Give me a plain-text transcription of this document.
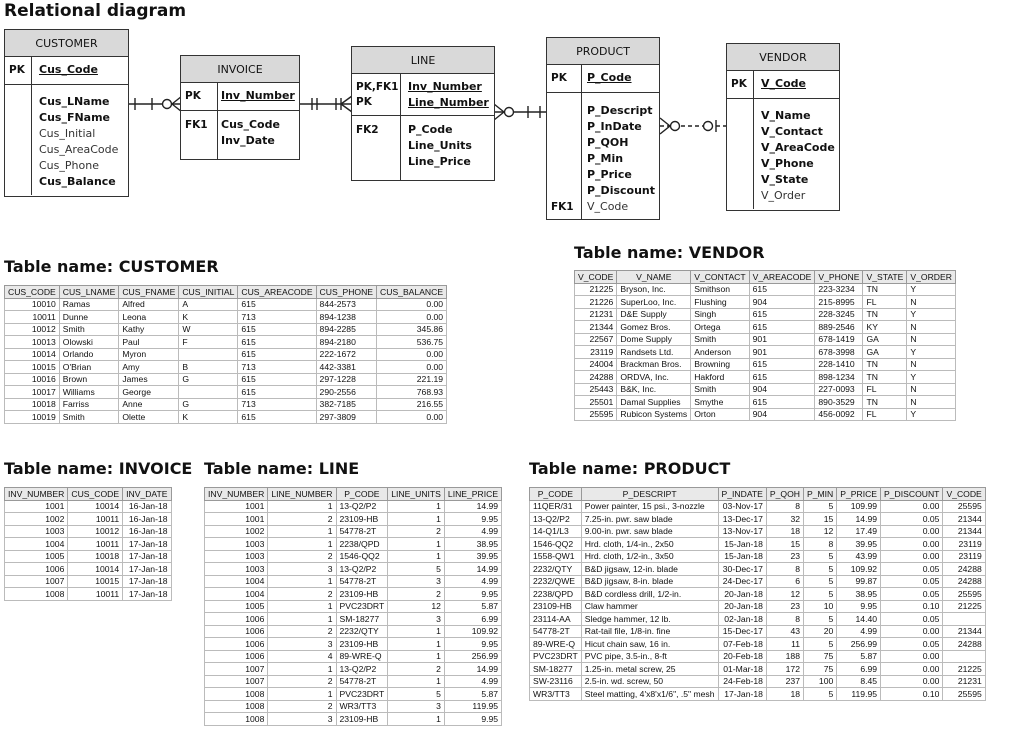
Relational diagram
CUSTOMER
PK Cus_Code
Cus_LName
Cus_FName
Cus_Initial
Cus_AreaCode
Cus_Phone
Cus_Balance
INVOICE
PK Inv_Number
FK1 Cus_Code
Inv_Date
LINE
PK,FK1
PK
Inv_Number
Line_Number
FK2	P_Code
Line_Units
Line_Price
PRODUCT
PK P_Code
FK1
P_Descript
P_InDate
P_QOH
P_Min
P_Price
P_Discount
V_Code
VENDOR
PK V_Code
V_Name
V_Contact
V_AreaCode
V_Phone
V_State
V_Order
Table name: CUSTOMER
Table name: VENDOR
Table name: INVOICE Table name: LINE	Table name: PRODUCT
CUS_CODE	CUS_LNAME	CUS_FNAME	CUS_INITIAL	CUS_AREACODE	CUS_PHONE	CUS_BALANCE
10010	Ramas	Alfred	A	615	844-2573	0.00
10011	Dunne	Leona	K	713	894-1238	0.00
10012	Smith	Kathy	W	615	894-2285	345.86
10013	Olowski	Paul	F	615	894-2180	536.75
10014	Orlando	Myron		615	222-1672	0.00
10015	O'Brian	Amy	B	713	442-3381	0.00
10016	Brown	James	G	615	297-1228	221.19
10017	Williams	George		615	290-2556	768.93
10018	Farriss	Anne	G	713	382-7185	216.55
10019	Smith	Olette	K	615	297-3809	0.00
V_CODE	V_NAME	V_CONTACT	V_AREACODE	V_PHONE	V_STATE	V_ORDER
21225	Bryson, Inc.	Smithson	615	223-3234	TN	Y
21226	SuperLoo, Inc.	Flushing	904	215-8995	FL	N
21231	D&E Supply	Singh	615	228-3245	TN	Y
21344	Gomez Bros.	Ortega	615	889-2546	KY	N
22567	Dome Supply	Smith	901	678-1419	GA	N
23119	Randsets Ltd.	Anderson	901	678-3998	GA	Y
24004	Brackman Bros.	Browning	615	228-1410	TN	N
24288	ORDVA, Inc.	Hakford	615	898-1234	TN	Y
25443	B&K, Inc.	Smith	904	227-0093	FL	N
25501	Damal Supplies	Smythe	615	890-3529	TN	N
25595	Rubicon Systems	Orton	904	456-0092	FL	Y
INV_NUMBER	CUS_CODE	INV_DATE
1001	10014	16-Jan-18
1002	10011	16-Jan-18
1003	10012	16-Jan-18
1004	10011	17-Jan-18
1005	10018	17-Jan-18
1006	10014	17-Jan-18
1007	10015	17-Jan-18
1008	10011	17-Jan-18
INV_NUMBER	LINE_NUMBER	P_CODE	LINE_UNITS	LINE_PRICE
1001	1	13-Q2/P2	1	14.99
1001	2	23109-HB	1	9.95
1002	1	54778-2T	2	4.99
1003	1	2238/QPD	1	38.95
1003	2	1546-QQ2	1	39.95
1003	3	13-Q2/P2	5	14.99
1004	1	54778-2T	3	4.99
1004	2	23109-HB	2	9.95
1005	1	PVC23DRT	12	5.87
1006	1	SM-18277	3	6.99
1006	2	2232/QTY	1	109.92
1006	3	23109-HB	1	9.95
1006	4	89-WRE-Q	1	256.99
1007	1	13-Q2/P2	2	14.99
1007	2	54778-2T	1	4.99
1008	1	PVC23DRT	5	5.87
1008	2	WR3/TT3	3	119.95
1008	3	23109-HB	1	9.95
P_CODE	P_DESCRIPT	P_INDATE	P_QOH	P_MIN	P_PRICE	P_DISCOUNT	V_CODE
11QER/31	Power painter, 15 psi., 3-nozzle	03-Nov-17	8	5	109.99	0.00	25595
13-Q2/P2	7.25-in. pwr. saw blade	13-Dec-17	32	15	14.99	0.05	21344
14-Q1/L3	9.00-in. pwr. saw blade	13-Nov-17	18	12	17.49	0.00	21344
1546-QQ2	Hrd. cloth, 1/4-in., 2x50	15-Jan-18	15	8	39.95	0.00	23119
1558-QW1	Hrd. cloth, 1/2-in., 3x50	15-Jan-18	23	5	43.99	0.00	23119
2232/QTY	B&D jigsaw, 12-in. blade	30-Dec-17	8	5	109.92	0.05	24288
2232/QWE	B&D jigsaw, 8-in. blade	24-Dec-17	6	5	99.87	0.05	24288
2238/QPD	B&D cordless drill, 1/2-in.	20-Jan-18	12	5	38.95	0.05	25595
23109-HB	Claw hammer	20-Jan-18	23	10	9.95	0.10	21225
23114-AA	Sledge hammer, 12 lb.	02-Jan-18	8	5	14.40	0.05	
54778-2T	Rat-tail file, 1/8-in. fine	15-Dec-17	43	20	4.99	0.00	21344
89-WRE-Q	Hicut chain saw, 16 in.	07-Feb-18	11	5	256.99	0.05	24288
PVC23DRT	PVC pipe, 3.5-in., 8-ft	20-Feb-18	188	75	5.87	0.00	
SM-18277	1.25-in. metal screw, 25	01-Mar-18	172	75	6.99	0.00	21225
SW-23116	2.5-in. wd. screw, 50	24-Feb-18	237	100	8.45	0.00	21231
WR3/TT3	Steel matting, 4'x8'x1/6", .5" mesh	17-Jan-18	18	5	119.95	0.10	25595
